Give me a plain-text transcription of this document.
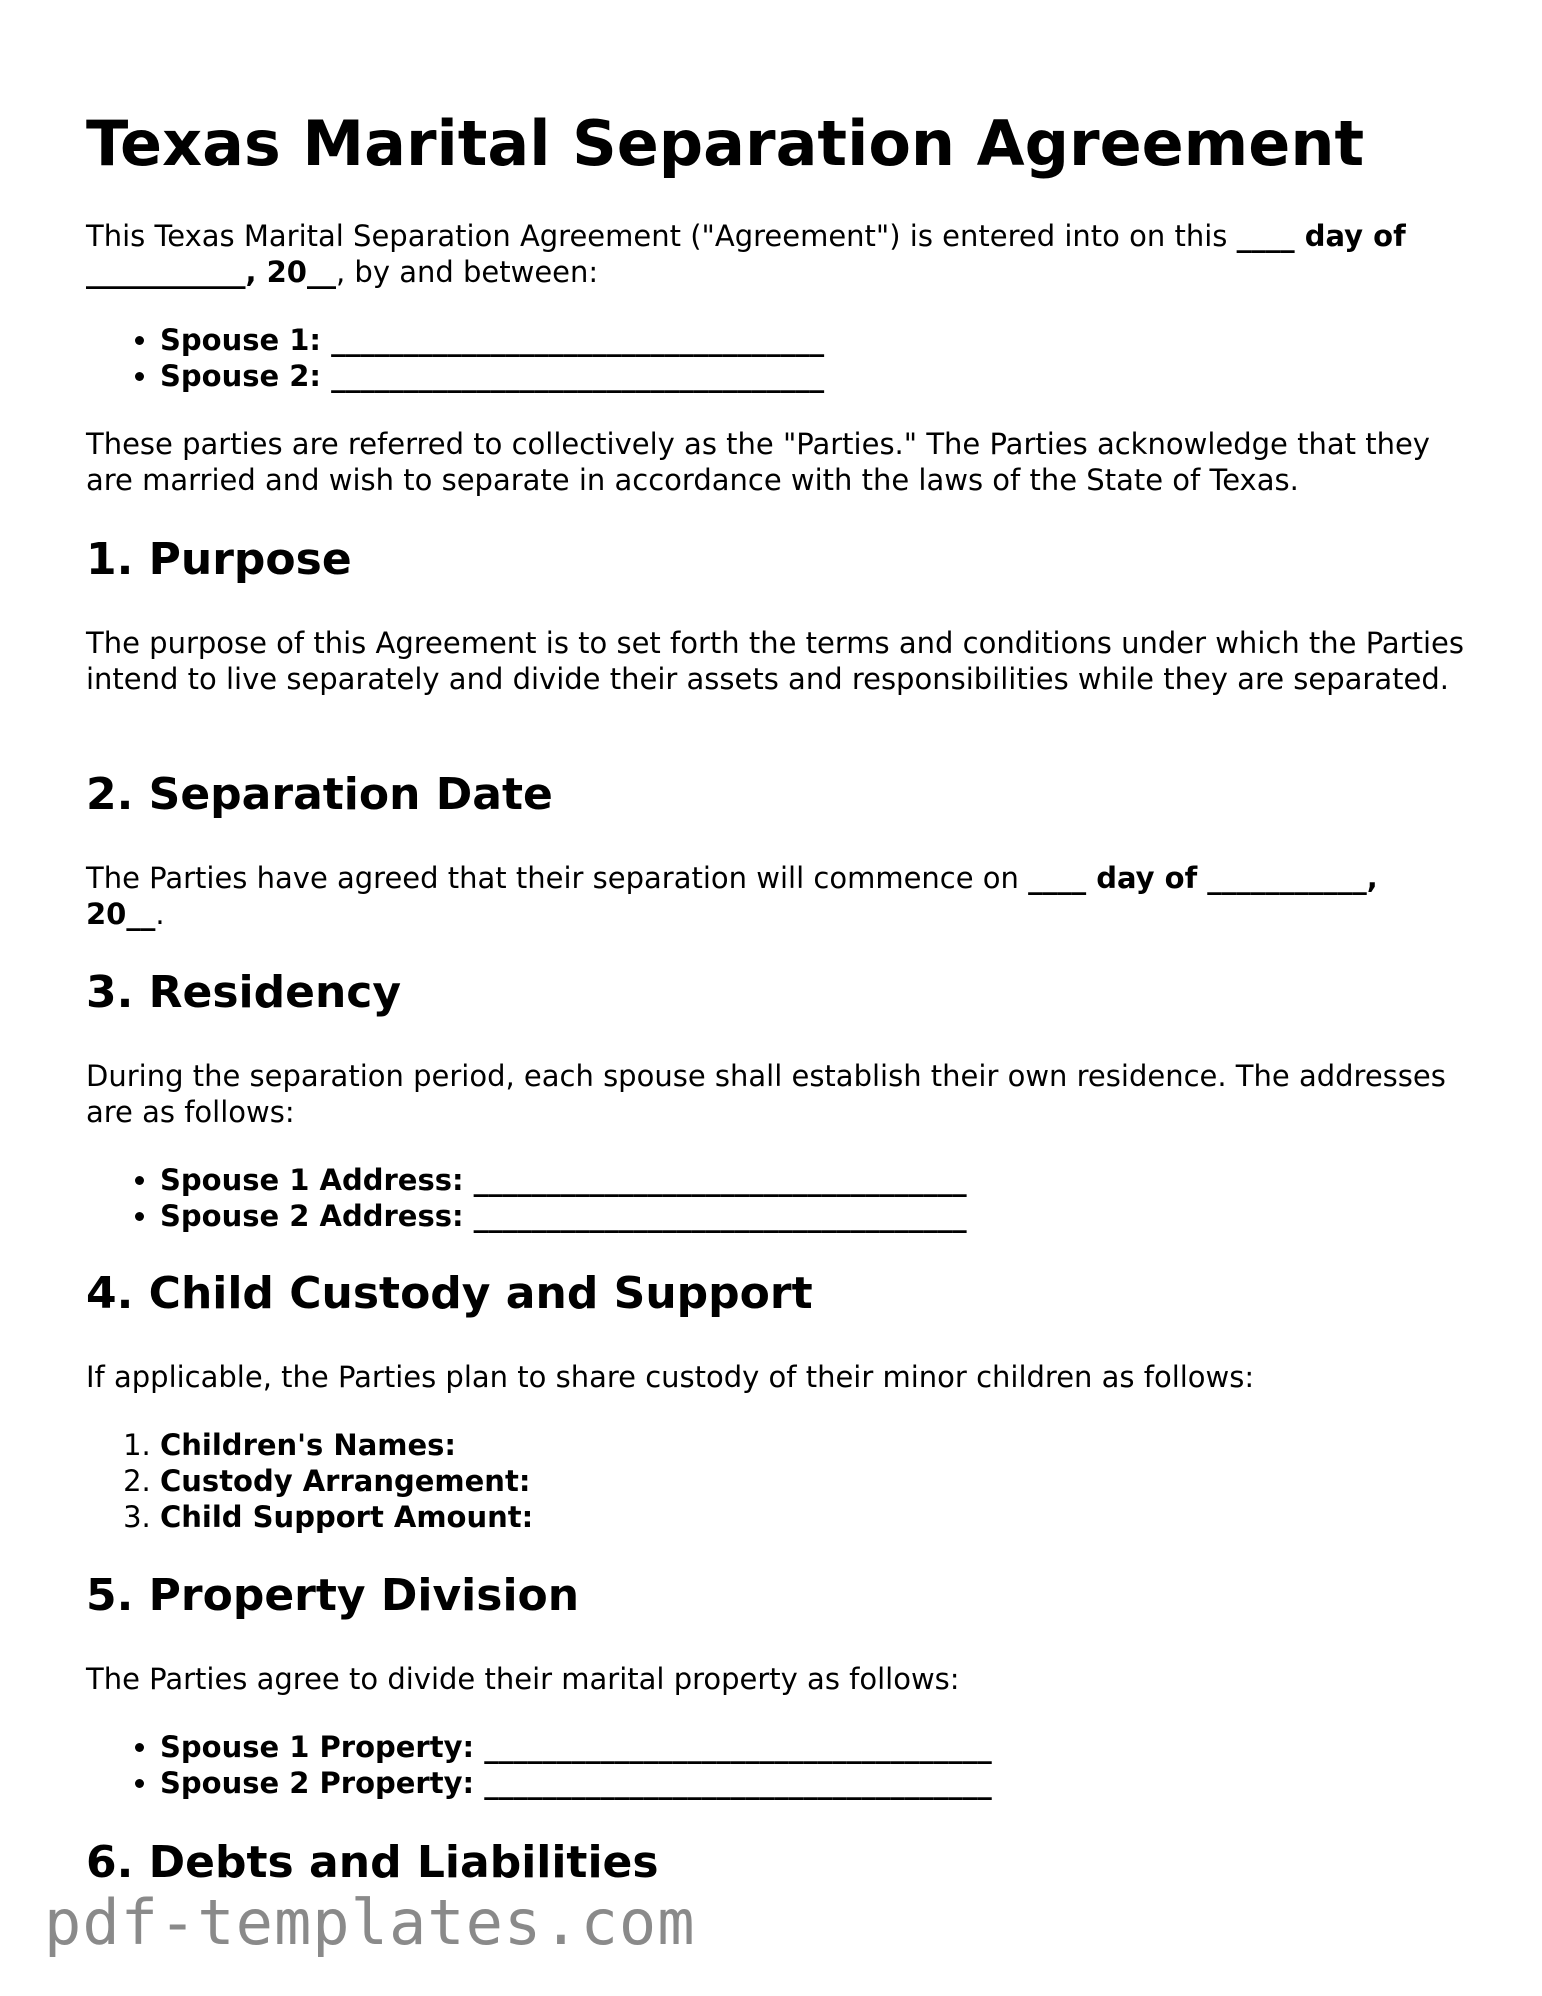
Texas Marital Separation Agreement

This Texas Marital Separation Agreement ("Agreement") is entered into on this ____ day of ___________, 20__, by and between:

• Spouse 1: __________________________________
• Spouse 2: __________________________________

These parties are referred to collectively as the "Parties." The Parties acknowledge that they are married and wish to separate in accordance with the laws of the State of Texas.

1. Purpose

The purpose of this Agreement is to set forth the terms and conditions under which the Parties intend to live separately and divide their assets and responsibilities while they are separated.

2. Separation Date

The Parties have agreed that their separation will commence on ____ day of ___________, 20__.

3. Residency

During the separation period, each spouse shall establish their own residence. The addresses are as follows:

• Spouse 1 Address: __________________________________
• Spouse 2 Address: __________________________________
4. Child Custody and Support

If applicable, the Parties plan to share custody of their minor children as follows:

1. Children's Names:
2. Custody Arrangement:
3. Child Support Amount:
5. Property Division

The Parties agree to divide their marital property as follows:

• Spouse 1 Property: ___________________________________
• Spouse 2 Property: ___________________________________
6. Debts and Liabilities
pdf-templates.com
